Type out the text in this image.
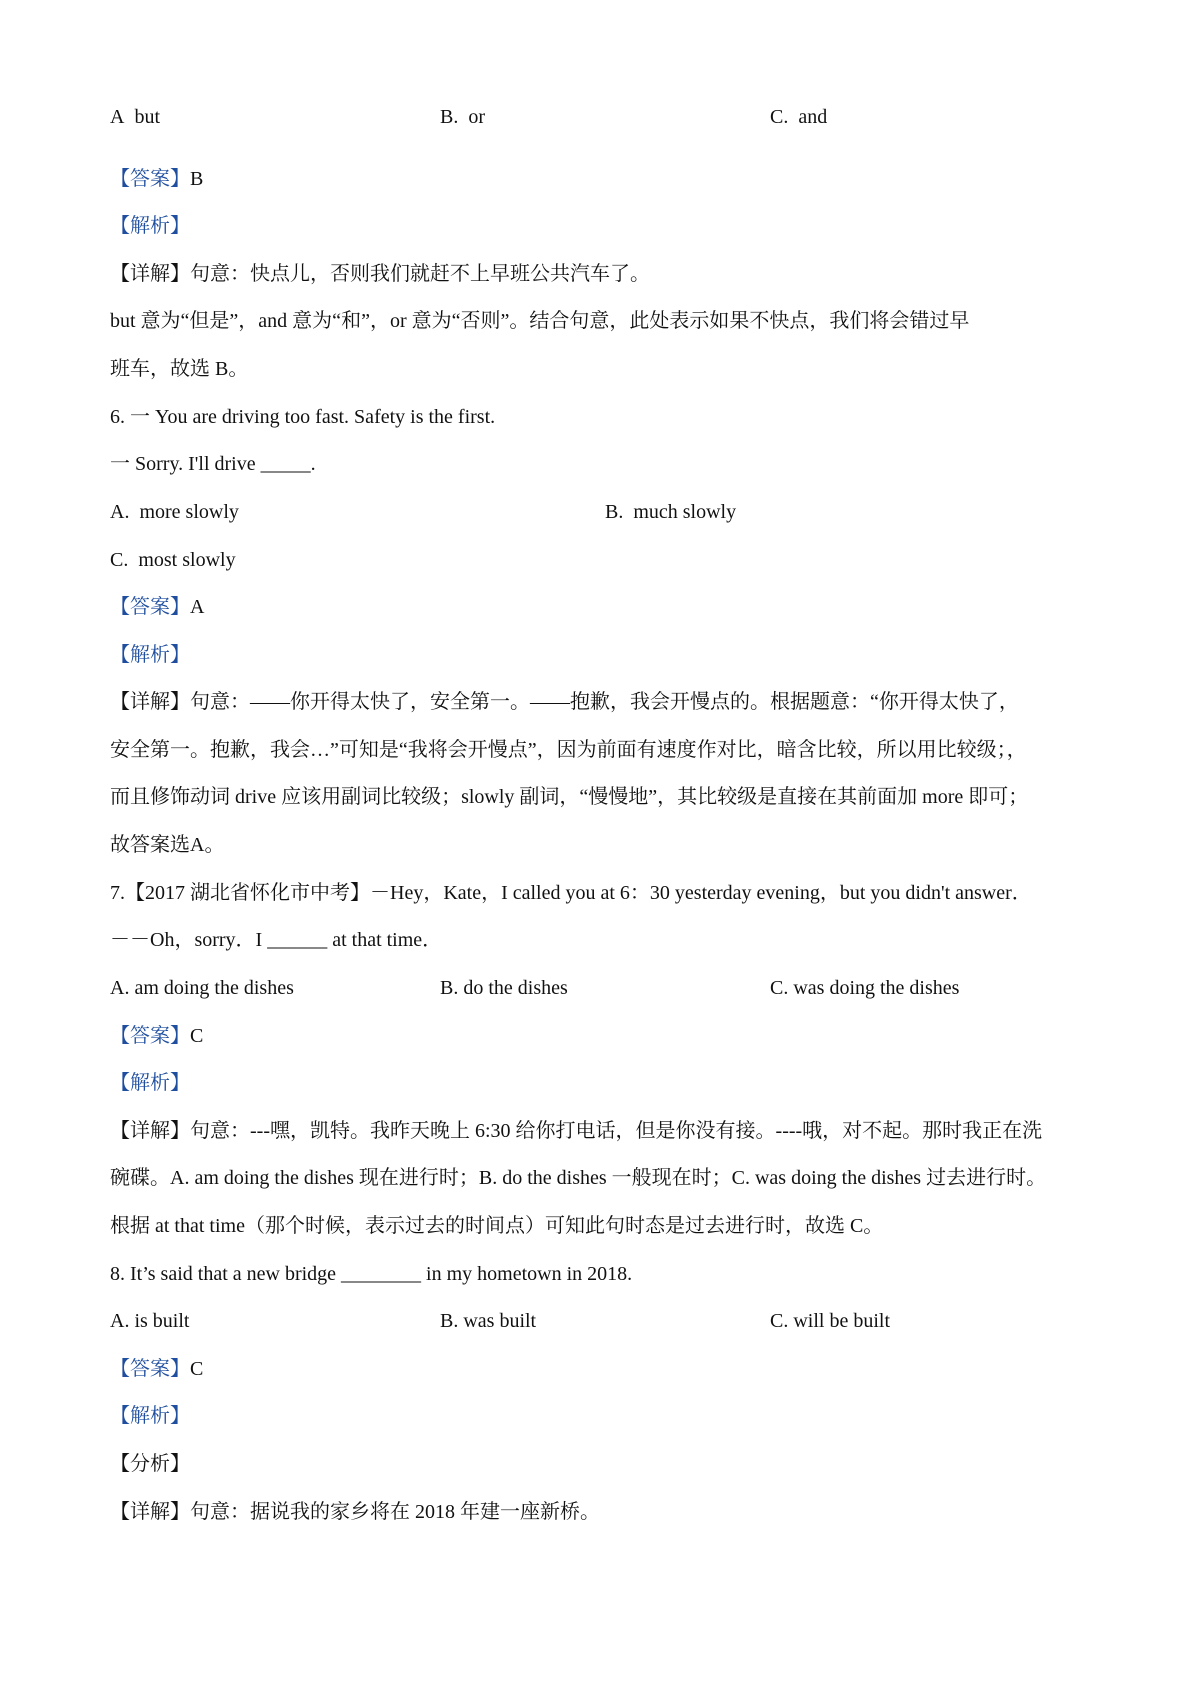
A but	B. or	C. and
【答案】B
【解析】
【详解】句意：快点儿，否则我们就赶不上早班公共汽车了。
but 意为“但是”，and 意为“和”，or 意为“否则”。结合句意，此处表示如果不快点，我们将会错过早
班车，故选 B。
6. 一 You are driving too fast. Safety is the first.
一 Sorry. I'll drive _____.
A. more slowly	B. much slowly
C. most slowly
【答案】A
【解析】
【详解】句意：——你开得太快了，安全第一。——抱歉，我会开慢点的。根据题意：“你开得太快了，
安全第一。抱歉，我会…”可知是“我将会开慢点”，因为前面有速度作对比，暗含比较，所以用比较级；，
而且修饰动词 drive 应该用副词比较级；slowly 副词，“慢慢地”，其比较级是直接在其前面加 more 即可；
故答案选A。
7.【2017 湖北省怀化市中考】－Hey，Kate，I called you at 6：30 yesterday evening，but you didn't answer．
－－Oh，sorry．I ______ at that time．
A. am doing the dishes	B. do the dishes	C. was doing the dishes
【答案】C
【解析】
【详解】句意：---嘿，凯特。我昨天晚上 6:30 给你打电话，但是你没有接。----哦，对不起。那时我正在洗
碗碟。A. am doing the dishes 现在进行时；B. do the dishes 一般现在时；C. was doing the dishes 过去进行时。
根据 at that time（那个时候，表示过去的时间点）可知此句时态是过去进行时，故选 C。
8. It’s said that a new bridge ________ in my hometown in 2018.
A. is built	B. was built	C. will be built
【答案】C
【解析】
【分析】
【详解】句意：据说我的家乡将在 2018 年建一座新桥。
